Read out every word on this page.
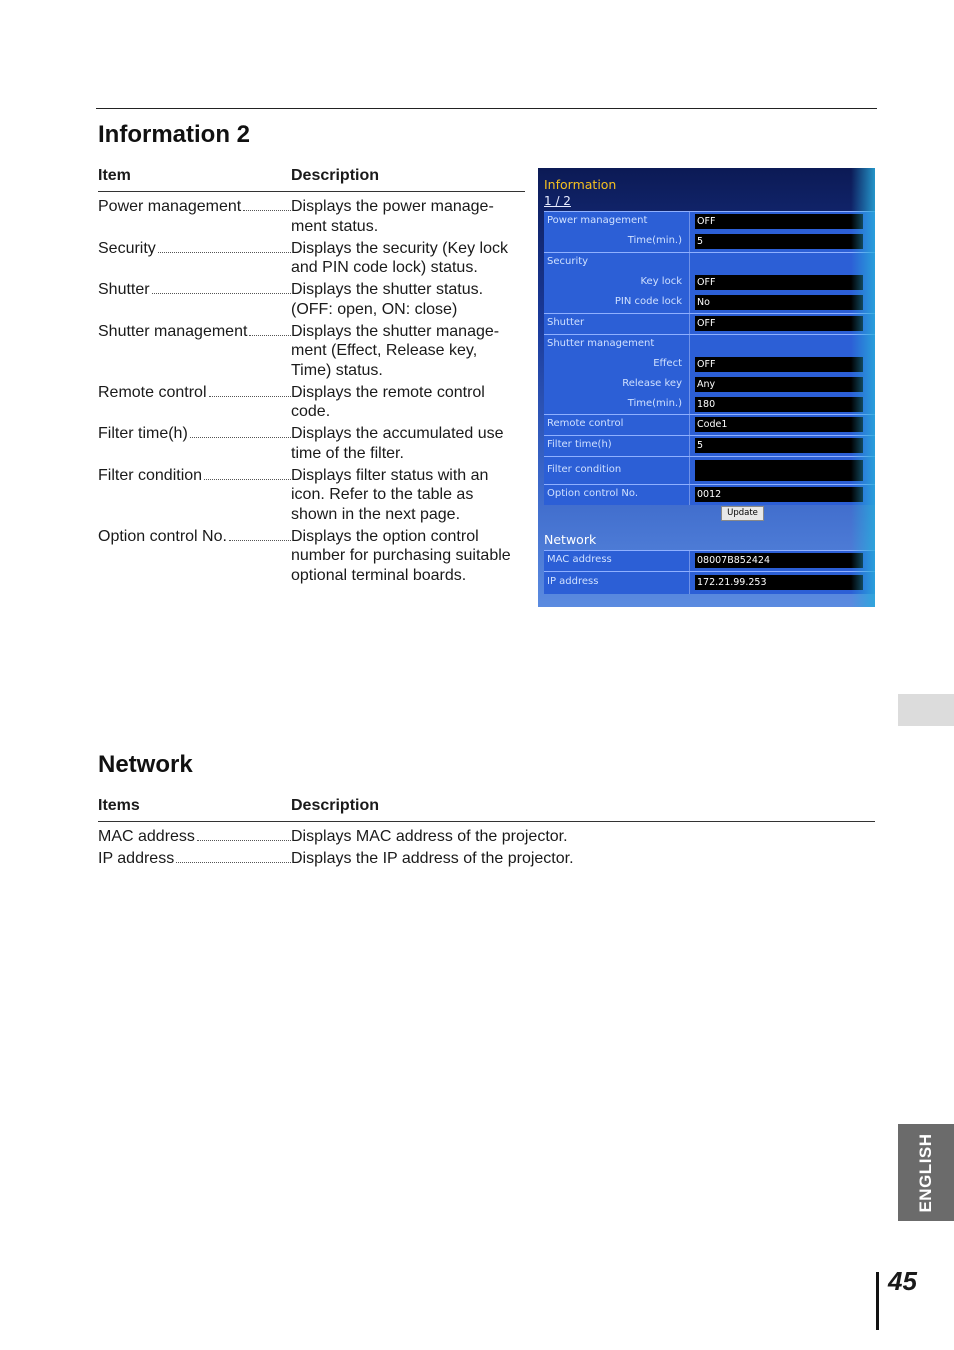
Information 2
Item	Description
Power management	Displays the power manage-
ment status.
Security	Displays the security (Key lock
and PIN code lock) status.
Shutter	Displays the shutter status.
(OFF: open, ON: close)
Shutter management	Displays the shutter manage-
ment (Effect, Release key,
Time) status.
Remote control	Displays the remote control
code.
Filter time(h)	Displays the accumulated use
time of the filter.
Filter condition	Displays filter status with an
icon. Refer to the table as
shown in the next page.
Option control No.	Displays the option control
number for purchasing suitable
optional terminal boards.
Information
1 / 2
Power management	OFF
Time(min.) 5
Security
Key lock OFF
PIN code lock No
Shutter	OFF
Shutter management
Effect OFF
Release key Any
Time(min.) 180
Remote control	Code1
Filter time(h)	5
Filter condition
Option control No.	0012
Update
Network
MAC address	08007B852424
IP address	172.21.99.253
Network
Items	Description
MAC address	Displays MAC address of the projector.
IP address	Displays the IP address of the projector.
ENGLISH
45
